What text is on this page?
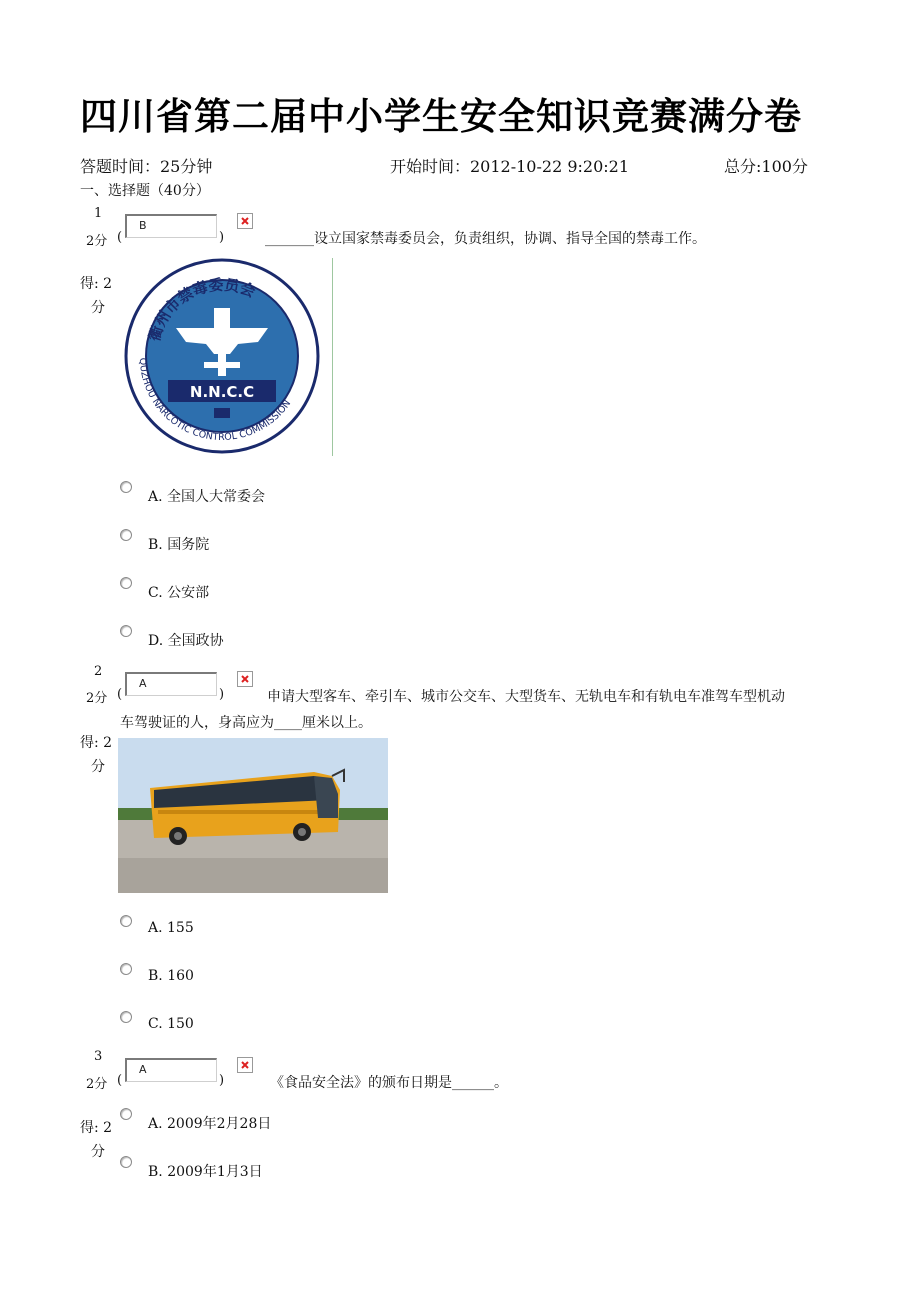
四川省第二届中小学生安全知识竞赛满分卷
答题时间：25分钟	开始时间：2012-10-22 9:20:21	总分:100分
一、选择题（40分）
1
2分 (
B
)	_______设立国家禁毒委员会，负责组织，协调、指导全国的禁毒工作。
得: 2
分
衢州市禁毒委员会
QUZHOU NARCOTIC CONTROL COMMISSION
N.N.C.C
A. 全国人大常委会
B. 国务院
C. 公安部
D. 全国政协
2
2分 (
A
)	申请大型客车、牵引车、城市公交车、大型货车、无轨电车和有轨电车准驾车型机动
车驾驶证的人，身高应为____厘米以上。
得: 2
分
A. 155
B. 160
C. 150
3
2分 (
A
)	《食品安全法》的颁布日期是______。
得: 2
分
A. 2009年2月28日
B. 2009年1月3日
